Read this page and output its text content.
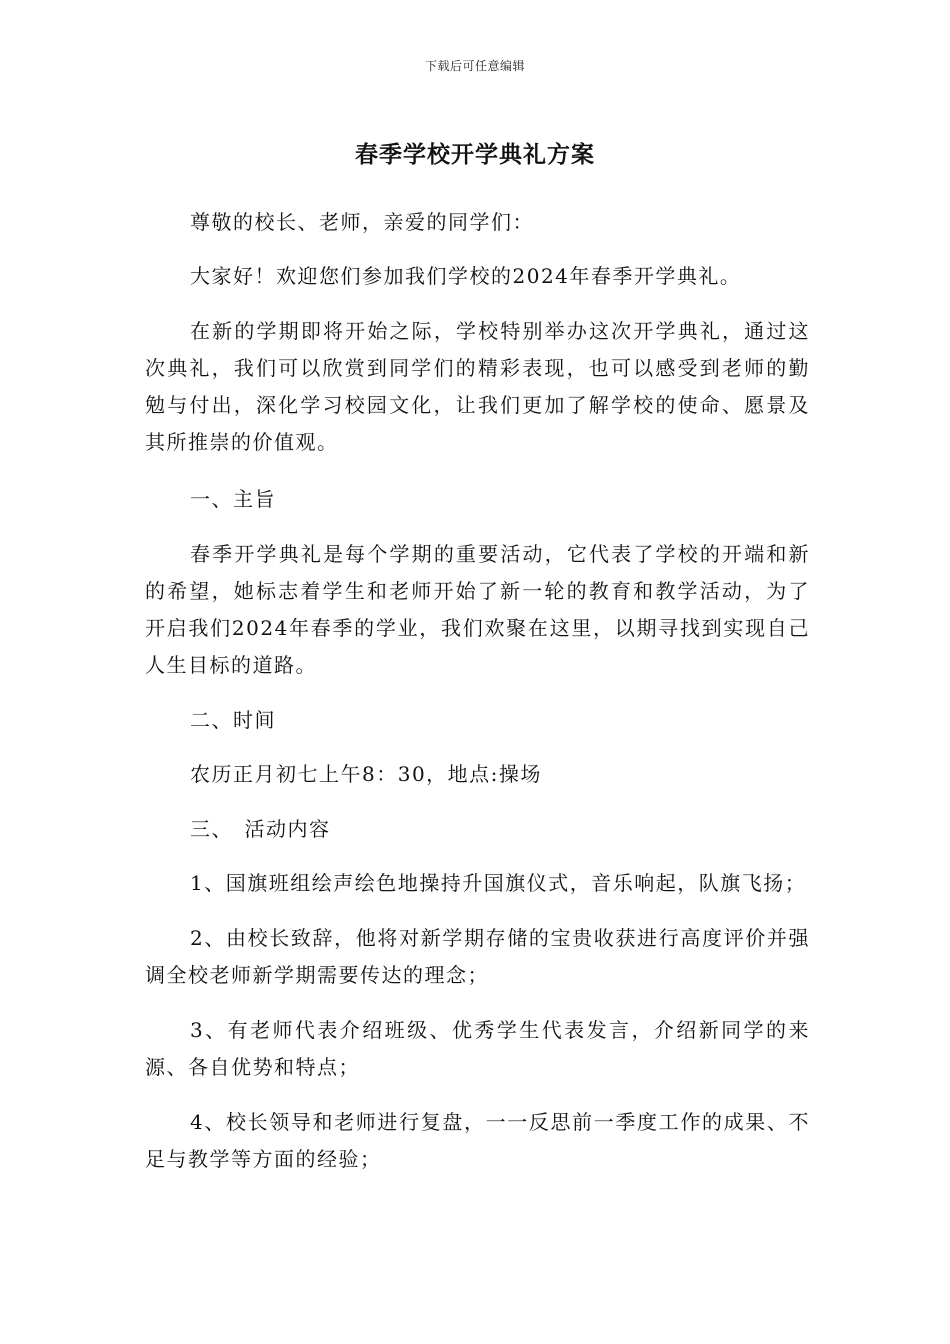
下载后可任意编辑
春季学校开学典礼方案

尊敬的校长、老师，亲爱的同学们：

大家好！欢迎您们参加我们学校的2024年春季开学典礼。

在新的学期即将开始之际，学校特别举办这次开学典礼，通过这次典礼，我们可以欣赏到同学们的精彩表现，也可以感受到老师的勤勉与付出，深化学习校园文化，让我们更加了解学校的使命、愿景及其所推崇的价值观。

一、主旨

春季开学典礼是每个学期的重要活动，它代表了学校的开端和新的希望，她标志着学生和老师开始了新一轮的教育和教学活动，为了开启我们2024年春季的学业，我们欢聚在这里，以期寻找到实现自己人生目标的道路。

二、时间

农历正月初七上午8：30，地点:操场

三、　活动内容

1、国旗班组绘声绘色地操持升国旗仪式，音乐响起，队旗飞扬；

2、由校长致辞，他将对新学期存储的宝贵收获进行高度评价并强调全校老师新学期需要传达的理念；

3、有老师代表介绍班级、优秀学生代表发言，介绍新同学的来源、各自优势和特点；

4、校长领导和老师进行复盘，一一反思前一季度工作的成果、不足与教学等方面的经验；
